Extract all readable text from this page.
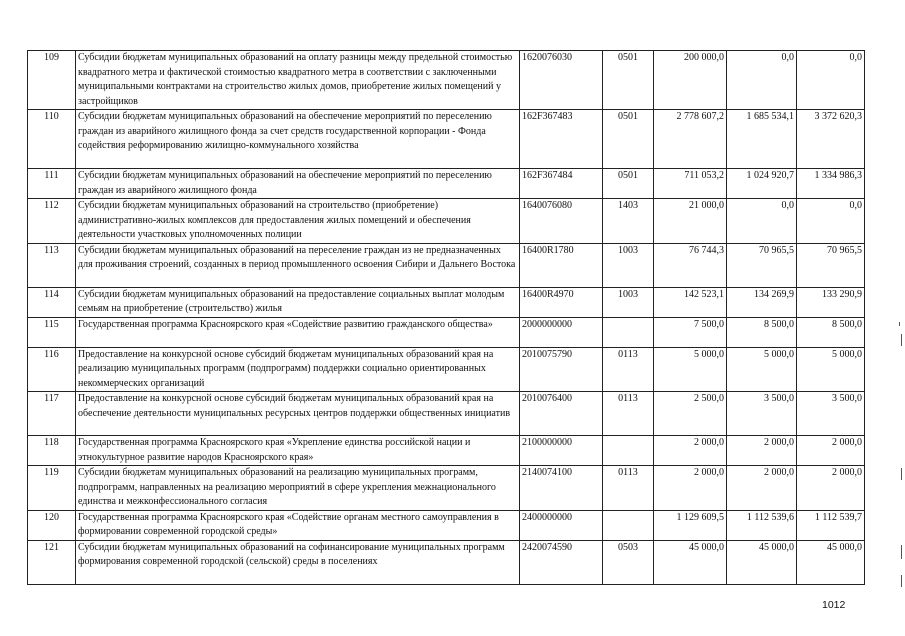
109	Субсидии бюджетам муниципальных образований на оплату разницы между предельной стоимостью квадратного метра и фактической стоимостью квадратного метра в соответствии с заключенными муниципальными контрактами на строительство жилых домов, приобретение жилых помещений у застройщиков	1620076030	0501	200 000,0	0,0	0,0
110	Субсидии бюджетам муниципальных образований на обеспечение мероприятий по переселению граждан из аварийного жилищного фонда за счет средств государственной корпорации - Фонда содействия реформированию жилищно-коммунального хозяйства	162F367483	0501	2 778 607,2	1 685 534,1	3 372 620,3
111	Субсидии бюджетам муниципальных образований на обеспечение мероприятий по переселению граждан из аварийного жилищного фонда	162F367484	0501	711 053,2	1 024 920,7	1 334 986,3
112	Субсидии бюджетам муниципальных образований на строительство (приобретение) административно-жилых комплексов для предоставления жилых помещений и обеспечения деятельности участковых уполномоченных полиции	1640076080	1403	21 000,0	0,0	0,0
113	Субсидии бюджетам муниципальных образований на переселение граждан из не предназначенных для проживания строений, созданных в период промышленного освоения Сибири и Дальнего Востока	16400R1780	1003	76 744,3	70 965,5	70 965,5
114	Субсидии бюджетам муниципальных образований на предоставление социальных выплат молодым семьям на приобретение (строительство) жилья	16400R4970	1003	142 523,1	134 269,9	133 290,9
115	Государственная программа Красноярского края «Содействие развитию гражданского общества»	2000000000		7 500,0	8 500,0	8 500,0
116	Предоставление на конкурсной основе субсидий бюджетам муниципальных образований края на реализацию муниципальных программ (подпрограмм) поддержки социально ориентированных некоммерческих организаций	2010075790	0113	5 000,0	5 000,0	5 000,0
117	Предоставление на конкурсной основе субсидий бюджетам муниципальных образований края на обеспечение деятельности муниципальных ресурсных центров поддержки общественных инициатив	2010076400	0113	2 500,0	3 500,0	3 500,0
118	Государственная программа Красноярского края «Укрепление единства российской нации и этнокультурное развитие народов Красноярского края»	2100000000		2 000,0	2 000,0	2 000,0
119	Субсидии бюджетам муниципальных образований на реализацию муниципальных программ, подпрограмм, направленных на реализацию мероприятий в сфере укрепления межнационального единства и межконфессионального согласия	2140074100	0113	2 000,0	2 000,0	2 000,0
120	Государственная программа Красноярского края «Содействие органам местного самоуправления в формировании современной городской среды»	2400000000		1 129 609,5	1 112 539,6	1 112 539,7
121	Субсидии бюджетам муниципальных образований на софинансирование муниципальных программ формирования современной городской (сельской) среды в поселениях	2420074590	0503	45 000,0	45 000,0	45 000,0
1012
